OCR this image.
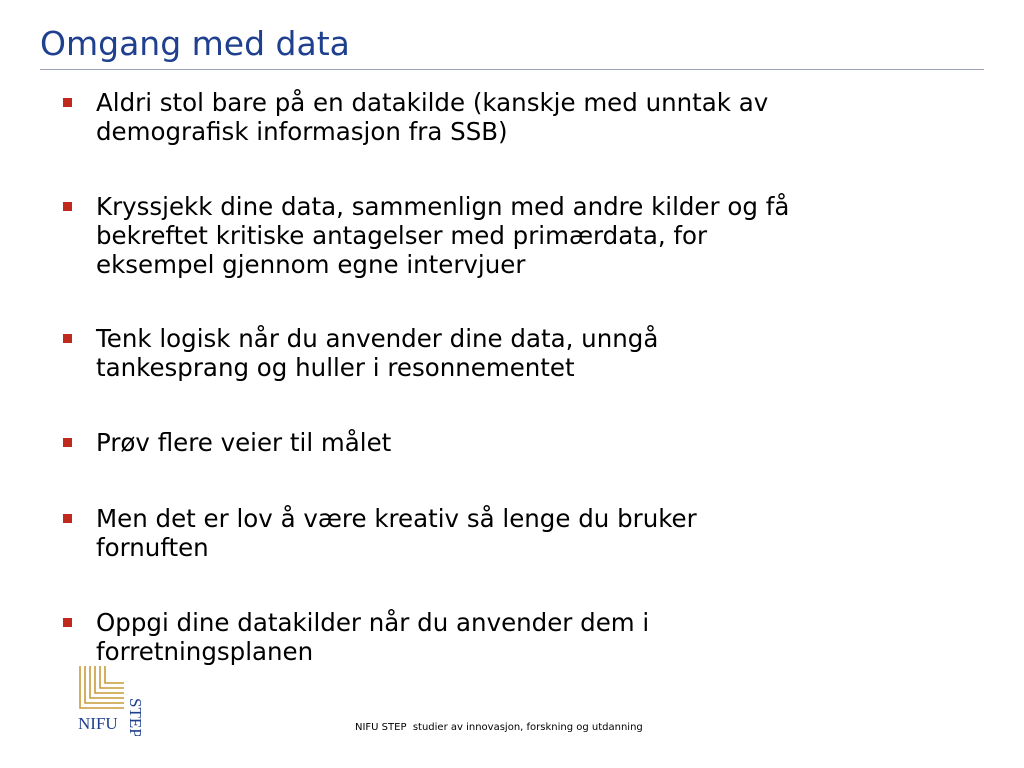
Omgang med data
Aldri stol bare på en datakilde (kanskje med unntak av
demografisk informasjon fra SSB)
Kryssjekk dine data, sammenlign med andre kilder og få
bekreftet kritiske antagelser med primærdata, for
eksempel gjennom egne intervjuer
Tenk logisk når du anvender dine data, unngå
tankesprang og huller i resonnementet
Prøv flere veier til målet
Men det er lov å være kreativ så lenge du bruker
fornuften
Oppgi dine datakilder når du anvender dem i
forretningsplanen
NIFU STEP	NIFU STEP  studier av innovasjon, forskning og utdanning
